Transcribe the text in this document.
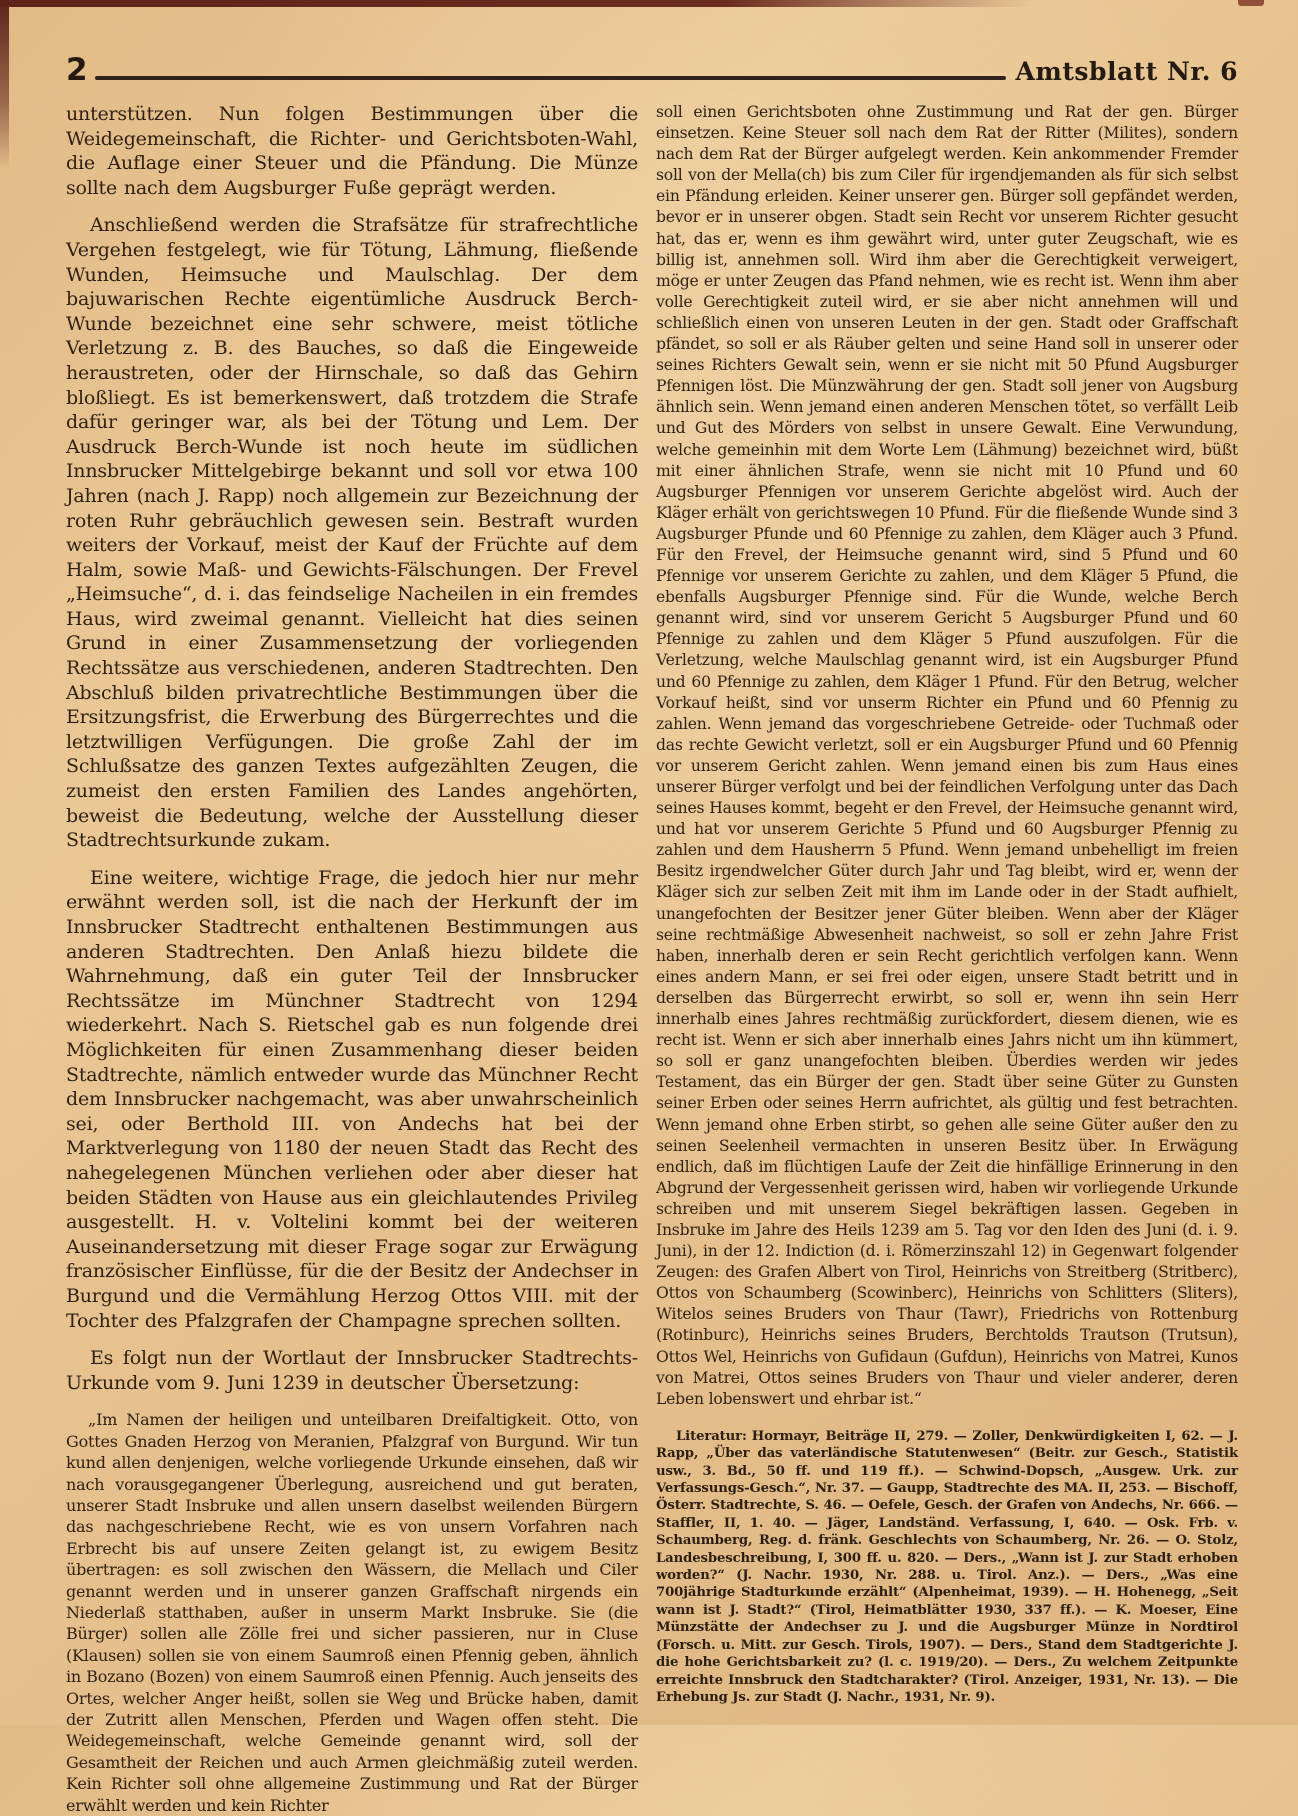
2	Amtsblatt Nr. 6

unterstützen. Nun folgen Bestimmungen über die Weidegemeinschaft, die Richter- und Gerichtsboten-Wahl, die Auflage einer Steuer und die Pfändung. Die Münze sollte nach dem Augsburger Fuße geprägt werden.

Anschließend werden die Strafsätze für strafrechtliche Vergehen festgelegt, wie für Tötung, Lähmung, fließende Wunden, Heimsuche und Maulschlag. Der dem bajuwarischen Rechte eigentümliche Ausdruck Berch-Wunde bezeichnet eine sehr schwere, meist tötliche Verletzung z. B. des Bauches, so daß die Eingeweide heraustreten, oder der Hirnschale, so daß das Gehirn bloßliegt. Es ist bemerkenswert, daß trotzdem die Strafe dafür geringer war, als bei der Tötung und Lem. Der Ausdruck Berch-Wunde ist noch heute im südlichen Innsbrucker Mittelgebirge bekannt und soll vor etwa 100 Jahren (nach J. Rapp) noch allgemein zur Bezeichnung der roten Ruhr gebräuchlich gewesen sein. Bestraft wurden weiters der Vorkauf, meist der Kauf der Früchte auf dem Halm, sowie Maß- und Gewichts-Fälschungen. Der Frevel „Heimsuche“, d. i. das feindselige Nacheilen in ein fremdes Haus, wird zweimal genannt. Vielleicht hat dies seinen Grund in einer Zusammensetzung der vorliegenden Rechtssätze aus verschiedenen, anderen Stadtrechten. Den Abschluß bilden privatrechtliche Bestimmungen über die Ersitzungsfrist, die Erwerbung des Bürgerrechtes und die letztwilligen Verfügungen. Die große Zahl der im Schlußsatze des ganzen Textes aufgezählten Zeugen, die zumeist den ersten Familien des Landes angehörten, beweist die Bedeutung, welche der Ausstellung dieser Stadtrechtsurkunde zukam.

Eine weitere, wichtige Frage, die jedoch hier nur mehr erwähnt werden soll, ist die nach der Herkunft der im Innsbrucker Stadtrecht enthaltenen Bestimmungen aus anderen Stadtrechten. Den Anlaß hiezu bildete die Wahrnehmung, daß ein guter Teil der Innsbrucker Rechtssätze im Münchner Stadtrecht von 1294 wiederkehrt. Nach S. Rietschel gab es nun folgende drei Möglichkeiten für einen Zusammenhang dieser beiden Stadtrechte, nämlich entweder wurde das Münchner Recht dem Innsbrucker nachgemacht, was aber unwahrscheinlich sei, oder Berthold III. von Andechs hat bei der Marktverlegung von 1180 der neuen Stadt das Recht des nahegelegenen München verliehen oder aber dieser hat beiden Städten von Hause aus ein gleichlautendes Privileg ausgestellt. H. v. Voltelini kommt bei der weiteren Auseinandersetzung mit dieser Frage sogar zur Erwägung französischer Einflüsse, für die der Besitz der Andechser in Burgund und die Vermählung Herzog Ottos VIII. mit der Tochter des Pfalzgrafen der Champagne sprechen sollten.

Es folgt nun der Wortlaut der Innsbrucker Stadtrechts-Urkunde vom 9. Juni 1239 in deutscher Übersetzung:

„Im Namen der heiligen und unteilbaren Dreifaltigkeit. Otto, von Gottes Gnaden Herzog von Meranien, Pfalzgraf von Burgund. Wir tun kund allen denjenigen, welche vorliegende Urkunde einsehen, daß wir nach vorausgegangener Überlegung, ausreichend und gut beraten, unserer Stadt Insbruke und allen unsern daselbst weilenden Bürgern das nachgeschriebene Recht, wie es von unsern Vorfahren nach Erbrecht bis auf unsere Zeiten gelangt ist, zu ewigem Besitz übertragen: es soll zwischen den Wässern, die Mellach und Ciler genannt werden und in unserer ganzen Graffschaft nirgends ein Niederlaß statthaben, außer in unserm Markt Insbruke. Sie (die Bürger) sollen alle Zölle frei und sicher passieren, nur in Cluse (Klausen) sollen sie von einem Saumroß einen Pfennig geben, ähnlich in Bozano (Bozen) von einem Saumroß einen Pfennig. Auch jenseits des Ortes, welcher Anger heißt, sollen sie Weg und Brücke haben, damit der Zutritt allen Menschen, Pferden und Wagen offen steht. Die Weidegemeinschaft, welche Gemeinde genannt wird, soll der Gesamtheit der Reichen und auch Armen gleichmäßig zuteil werden. Kein Richter soll ohne allgemeine Zustimmung und Rat der Bürger erwählt werden und kein Richter

soll einen Gerichtsboten ohne Zustimmung und Rat der gen. Bürger einsetzen. Keine Steuer soll nach dem Rat der Ritter (Milites), sondern nach dem Rat der Bürger aufgelegt werden. Kein ankommender Fremder soll von der Mella(ch) bis zum Ciler für irgendjemanden als für sich selbst ein Pfändung erleiden. Keiner unserer gen. Bürger soll gepfändet werden, bevor er in unserer obgen. Stadt sein Recht vor unserem Richter gesucht hat, das er, wenn es ihm gewährt wird, unter guter Zeugschaft, wie es billig ist, annehmen soll. Wird ihm aber die Gerechtigkeit verweigert, möge er unter Zeugen das Pfand nehmen, wie es recht ist. Wenn ihm aber volle Gerechtigkeit zuteil wird, er sie aber nicht annehmen will und schließlich einen von unseren Leuten in der gen. Stadt oder Graffschaft pfändet, so soll er als Räuber gelten und seine Hand soll in unserer oder seines Richters Gewalt sein, wenn er sie nicht mit 50 Pfund Augsburger Pfennigen löst. Die Münzwährung der gen. Stadt soll jener von Augsburg ähnlich sein. Wenn jemand einen anderen Menschen tötet, so verfällt Leib und Gut des Mörders von selbst in unsere Gewalt. Eine Verwundung, welche gemeinhin mit dem Worte Lem (Lähmung) bezeichnet wird, büßt mit einer ähnlichen Strafe, wenn sie nicht mit 10 Pfund und 60 Augsburger Pfennigen vor unserem Gerichte abgelöst wird. Auch der Kläger erhält von gerichtswegen 10 Pfund. Für die fließende Wunde sind 3 Augsburger Pfunde und 60 Pfennige zu zahlen, dem Kläger auch 3 Pfund. Für den Frevel, der Heimsuche genannt wird, sind 5 Pfund und 60 Pfennige vor unserem Gerichte zu zahlen, und dem Kläger 5 Pfund, die ebenfalls Augsburger Pfennige sind. Für die Wunde, welche Berch genannt wird, sind vor unserem Gericht 5 Augsburger Pfund und 60 Pfennige zu zahlen und dem Kläger 5 Pfund auszufolgen. Für die Verletzung, welche Maulschlag genannt wird, ist ein Augsburger Pfund und 60 Pfennige zu zahlen, dem Kläger 1 Pfund. Für den Betrug, welcher Vorkauf heißt, sind vor unserm Richter ein Pfund und 60 Pfennig zu zahlen. Wenn jemand das vorgeschriebene Getreide- oder Tuchmaß oder das rechte Gewicht verletzt, soll er ein Augsburger Pfund und 60 Pfennig vor unserem Gericht zahlen. Wenn jemand einen bis zum Haus eines unserer Bürger verfolgt und bei der feindlichen Verfolgung unter das Dach seines Hauses kommt, begeht er den Frevel, der Heimsuche genannt wird, und hat vor unserem Gerichte 5 Pfund und 60 Augsburger Pfennig zu zahlen und dem Hausherrn 5 Pfund. Wenn jemand unbehelligt im freien Besitz irgendwelcher Güter durch Jahr und Tag bleibt, wird er, wenn der Kläger sich zur selben Zeit mit ihm im Lande oder in der Stadt aufhielt, unangefochten der Besitzer jener Güter bleiben. Wenn aber der Kläger seine rechtmäßige Abwesenheit nachweist, so soll er zehn Jahre Frist haben, innerhalb deren er sein Recht gerichtlich verfolgen kann. Wenn eines andern Mann, er sei frei oder eigen, unsere Stadt betritt und in derselben das Bürgerrecht erwirbt, so soll er, wenn ihn sein Herr innerhalb eines Jahres rechtmäßig zurückfordert, diesem dienen, wie es recht ist. Wenn er sich aber innerhalb eines Jahrs nicht um ihn kümmert, so soll er ganz unangefochten bleiben. Überdies werden wir jedes Testament, das ein Bürger der gen. Stadt über seine Güter zu Gunsten seiner Erben oder seines Herrn aufrichtet, als gültig und fest betrachten. Wenn jemand ohne Erben stirbt, so gehen alle seine Güter außer den zu seinen Seelenheil vermachten in unseren Besitz über. In Erwägung endlich, daß im flüchtigen Laufe der Zeit die hinfällige Erinnerung in den Abgrund der Vergessenheit gerissen wird, haben wir vorliegende Urkunde schreiben und mit unserem Siegel bekräftigen lassen. Gegeben in Insbruke im Jahre des Heils 1239 am 5. Tag vor den Iden des Juni (d. i. 9. Juni), in der 12. Indiction (d. i. Römerzinszahl 12) in Gegenwart folgender Zeugen: des Grafen Albert von Tirol, Heinrichs von Streitberg (Stritberc), Ottos von Schaumberg (Scowinberc), Heinrichs von Schlitters (Sliters), Witelos seines Bruders von Thaur (Tawr), Friedrichs von Rottenburg (Rotinburc), Heinrichs seines Bruders, Berchtolds Trautson (Trutsun), Ottos Wel, Heinrichs von Gufidaun (Gufdun), Heinrichs von Matrei, Kunos von Matrei, Ottos seines Bruders von Thaur und vieler anderer, deren Leben lobenswert und ehrbar ist.“

Literatur: Hormayr, Beiträge II, 279. — Zoller, Denkwürdigkeiten I, 62. — J. Rapp, „Über das vaterländische Statutenwesen“ (Beitr. zur Gesch., Statistik usw., 3. Bd., 50 ff. und 119 ff.). — Schwind-Dopsch, „Ausgew. Urk. zur Verfassungs-Gesch.“, Nr. 37. — Gaupp, Stadtrechte des MA. II, 253. — Bischoff, Österr. Stadtrechte, S. 46. — Oefele, Gesch. der Grafen von Andechs, Nr. 666. — Staffler, II, 1. 40. — Jäger, Landständ. Verfassung, I, 640. — Osk. Frb. v. Schaumberg, Reg. d. fränk. Geschlechts von Schaumberg, Nr. 26. — O. Stolz, Landesbeschreibung, I, 300 ff. u. 820. — Ders., „Wann ist J. zur Stadt erhoben worden?“ (J. Nachr. 1930, Nr. 288. u. Tirol. Anz.). — Ders., „Was eine 700jährige Stadturkunde erzählt“ (Alpenheimat, 1939). — H. Hohenegg, „Seit wann ist J. Stadt?“ (Tirol, Heimatblätter 1930, 337 ff.). — K. Moeser, Eine Münzstätte der Andechser zu J. und die Augsburger Münze in Nordtirol (Forsch. u. Mitt. zur Gesch. Tirols, 1907). — Ders., Stand dem Stadtgerichte J. die hohe Gerichtsbarkeit zu? (l. c. 1919/20). — Ders., Zu welchem Zeitpunkte erreichte Innsbruck den Stadtcharakter? (Tirol. Anzeiger, 1931, Nr. 13). — Die Erhebung Js. zur Stadt (J. Nachr., 1931, Nr. 9).
